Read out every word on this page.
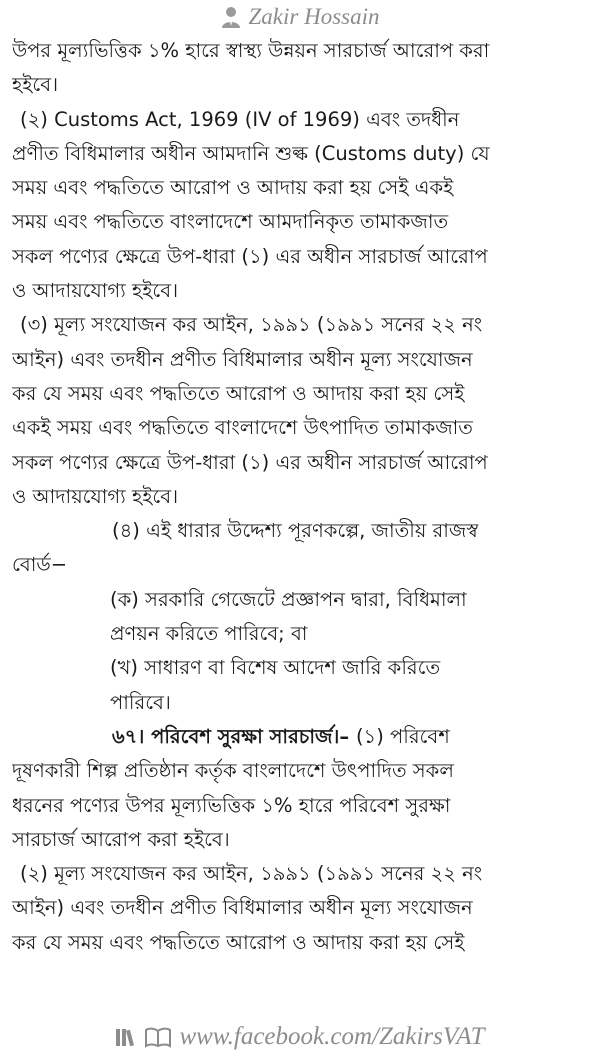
Zakir Hossain
উপর মূল্যভিত্তিক ১% হারে স্বাস্থ্য উন্নয়ন সারচার্জ আরোপ করা
হইবে।
(২) Customs Act, 1969 (IV of 1969) এবং তদধীন
প্রণীত বিধিমালার অধীন আমদানি শুল্ক (Customs duty) যে
সময় এবং পদ্ধতিতে আরোপ ও আদায় করা হয় সেই একই
সময় এবং পদ্ধতিতে বাংলাদেশে আমদানিকৃত তামাকজাত
সকল পণ্যের ক্ষেত্রে উপ-ধারা (১) এর অধীন সারচার্জ আরোপ
ও আদায়যোগ্য হইবে।
(৩) মূল্য সংযোজন কর আইন, ১৯৯১ (১৯৯১ সনের ২২ নং
আইন) এবং তদধীন প্রণীত বিধিমালার অধীন মূল্য সংযোজন
কর যে সময় এবং পদ্ধতিতে আরোপ ও আদায় করা হয় সেই
একই সময় এবং পদ্ধতিতে বাংলাদেশে উৎপাদিত তামাকজাত
সকল পণ্যের ক্ষেত্রে উপ-ধারা (১) এর অধীন সারচার্জ আরোপ
ও আদায়যোগ্য হইবে।
(৪) এই ধারার উদ্দেশ্য পূরণকল্পে, জাতীয় রাজস্ব
বোর্ড−
(ক) সরকারি গেজেটে প্রজ্ঞাপন দ্বারা, বিধিমালা
প্রণয়ন করিতে পারিবে; বা
(খ) সাধারণ বা বিশেষ আদেশ জারি করিতে
পারিবে।
৬৭। পরিবেশ সুরক্ষা সারচার্জ।– (১) পরিবেশ
দূষণকারী শিল্প প্রতিষ্ঠান কর্তৃক বাংলাদেশে উৎপাদিত সকল
ধরনের পণ্যের উপর মূল্যভিত্তিক ১% হারে পরিবেশ সুরক্ষা
সারচার্জ আরোপ করা হইবে।
(২) মূল্য সংযোজন কর আইন, ১৯৯১ (১৯৯১ সনের ২২ নং
আইন) এবং তদধীন প্রণীত বিধিমালার অধীন মূল্য সংযোজন
কর যে সময় এবং পদ্ধতিতে আরোপ ও আদায় করা হয় সেই
www.facebook.com/ZakirsVAT
